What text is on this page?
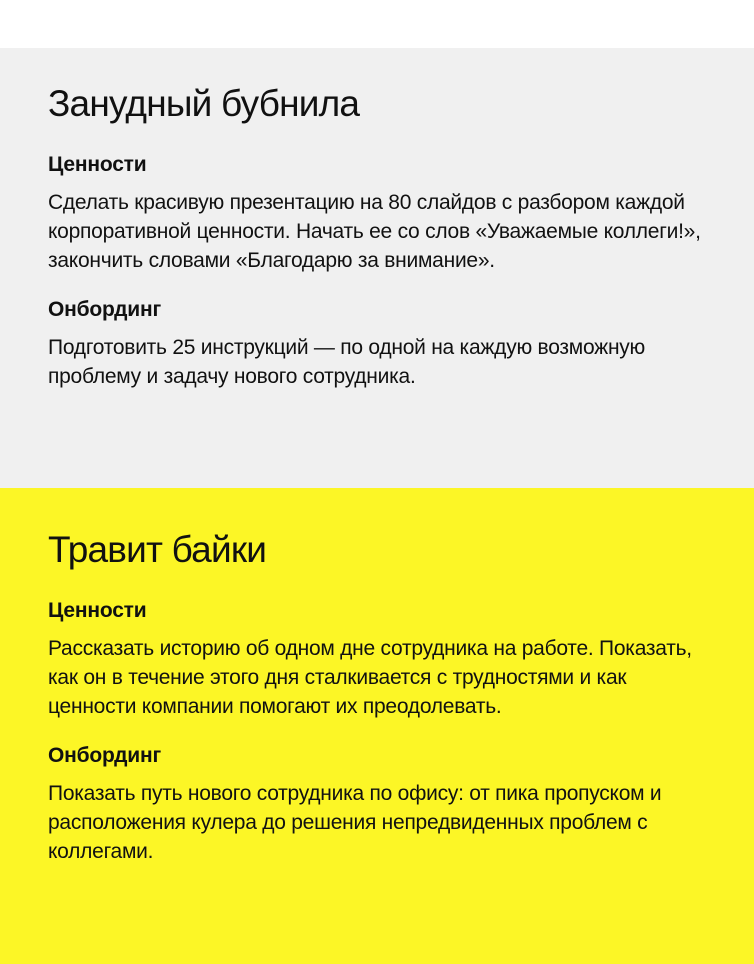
Занудный бубнила
Ценности

Сделать красивую презентацию на 80 слайдов с разбором каждой корпоративной ценности. Начать ее со слов «Уважаемые коллеги!», закончить словами «Благодарю за внимание».

Онбординг

Подготовить 25 инструкций — по одной на каждую возможную проблему и задачу нового сотрудника.

Травит байки
Ценности

Рассказать историю об одном дне сотрудника на работе. Показать, как он в течение этого дня сталкивается с трудностями и как ценности компании помогают их преодолевать.

Онбординг

Показать путь нового сотрудника по офису: от пика пропуском и расположения кулера до решения непредвиденных проблем с коллегами.
